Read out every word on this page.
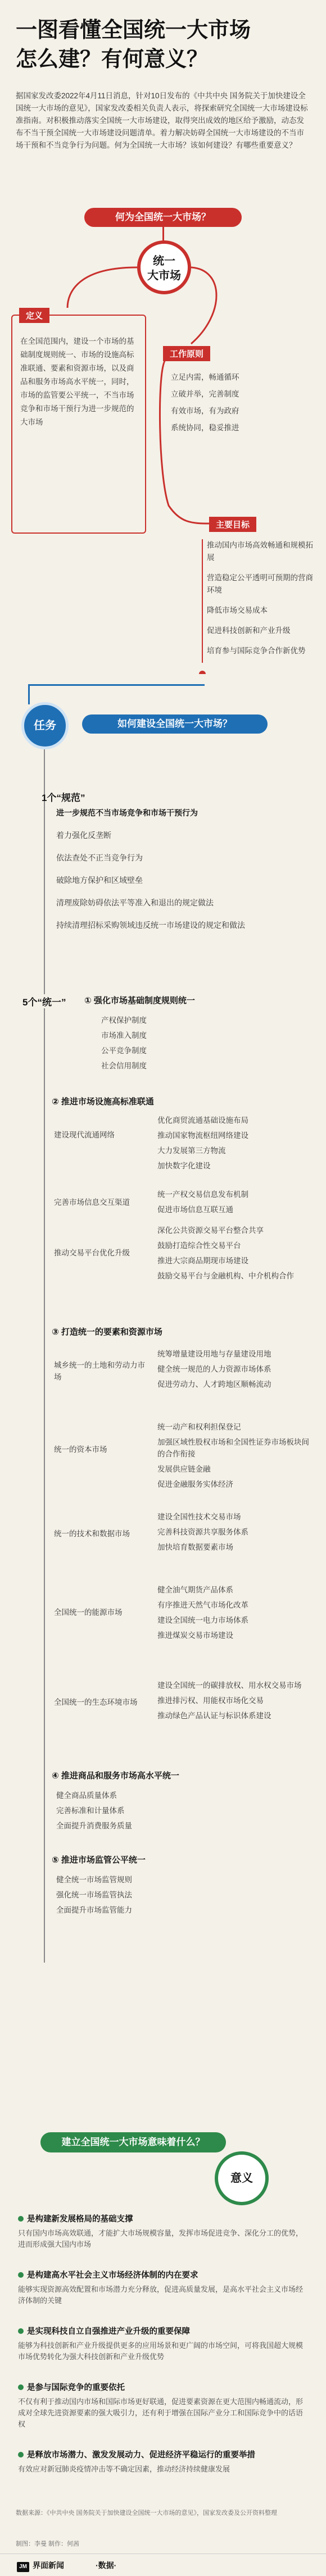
一图看懂全国统一大市场
怎么建？有何意义？
据国家发改委2022年4月11日消息，针对10日发布的《中共中央 国务院关于加快建设全国统一大市场的意见》，国家发改委相关负责人表示，将探索研究全国统一大市场建设标准指南。对积极推动落实全国统一大市场建设，取得突出成效的地区给予激励，动态发布不当干预全国统一大市场建设问题清单。着力解决妨碍全国统一大市场建设的不当市场干预和不当竞争行为问题。何为全国统一大市场？该如何建设？有哪些重要意义？
何为全国统一大市场？
统一
大市场
定义
在全国范围内，建设一个市场的基础制度规则统一、市场的设施高标准联通、要素和资源市场，以及商品和服务市场高水平统一，同时，市场的监管要公平统一，不当市场竞争和市场干预行为进一步规范的大市场
工作原则
立足内需，畅通循环
立破并举，完善制度
有效市场，有为政府
系统协同，稳妥推进
主要目标
推动国内市场高效畅通和规模拓展
营造稳定公平透明可预期的营商环境
降低市场交易成本
促进科技创新和产业升级
培育参与国际竞争合作新优势
任务	如何建设全国统一大市场？
1个“规范”
进一步规范不当市场竞争和市场干预行为
着力强化反垄断
依法查处不正当竞争行为
破除地方保护和区域壁垒
清理废除妨碍依法平等准入和退出的规定做法
持续清理招标采购领域违反统一市场建设的规定和做法
5个“统一” ① 强化市场基础制度规则统一
产权保护制度
市场准入制度
公平竞争制度
社会信用制度
② 推进市场设施高标准联通
建设现代流通网络
优化商贸流通基础设施布局
推动国家物流枢纽网络建设
大力发展第三方物流
加快数字化建设
完善市场信息交互渠道
统一产权交易信息发布机制
促进市场信息互联互通
推动交易平台优化升级
深化公共资源交易平台整合共享
鼓励打造综合性交易平台
推进大宗商品期现市场建设
鼓励交易平台与金融机构、中介机构合作
③ 打造统一的要素和资源市场
城乡统一的土地和劳动力市场
统筹增量建设用地与存量建设用地
健全统一规范的人力资源市场体系
促进劳动力、人才跨地区顺畅流动
统一的资本市场
统一动产和权利担保登记
加强区域性股权市场和全国性证券市场板块间的合作衔接
发展供应链金融
促进金融服务实体经济
统一的技术和数据市场
建设全国性技术交易市场
完善科技资源共享服务体系
加快培育数据要素市场
全国统一的能源市场
健全油气期货产品体系
有序推进天然气市场化改革
建设全国统一电力市场体系
推进煤炭交易市场建设
全国统一的生态环境市场
建设全国统一的碳排放权、用水权交易市场
推进排污权、用能权市场化交易
推动绿色产品认证与标识体系建设
④ 推进商品和服务市场高水平统一
健全商品质量体系
完善标准和计量体系
全面提升消费服务质量
⑤ 推进市场监管公平统一
健全统一市场监管规则
强化统一市场监管执法
全面提升市场监管能力
建立全国统一大市场意味着什么？
意义
是构建新发展格局的基础支撑
只有国内市场高效联通，才能扩大市场规模容量，发挥市场促进竞争、深化分工的优势，进而形成强大国内市场
是构建高水平社会主义市场经济体制的内在要求
能够实现资源高效配置和市场潜力充分释放，促进高质量发展，是高水平社会主义市场经济体制的关键
是实现科技自立自强推进产业升级的重要保障
能够为科技创新和产业升级提供更多的应用场景和更广阔的市场空间，可将我国超大规模市场优势转化为强大科技创新和产业升级优势
是参与国际竞争的重要依托
不仅有利于推动国内市场和国际市场更好联通，促进要素资源在更大范围内畅通流动，形成对全球先进资源要素的强大吸引力，还有利于增强在国际产业分工和国际竞争中的话语权
是释放市场潜力、激发发展动力、促进经济平稳运行的重要举措
有效应对新冠肺炎疫情冲击等不确定因素，推动经济持续健康发展
数据来源：《中共中央 国务院关于加快建设全国统一大市场的意见》，国家发改委及公开资料整理
制图：李曼 制作：何茜
JM 界面新闻	·数据·
